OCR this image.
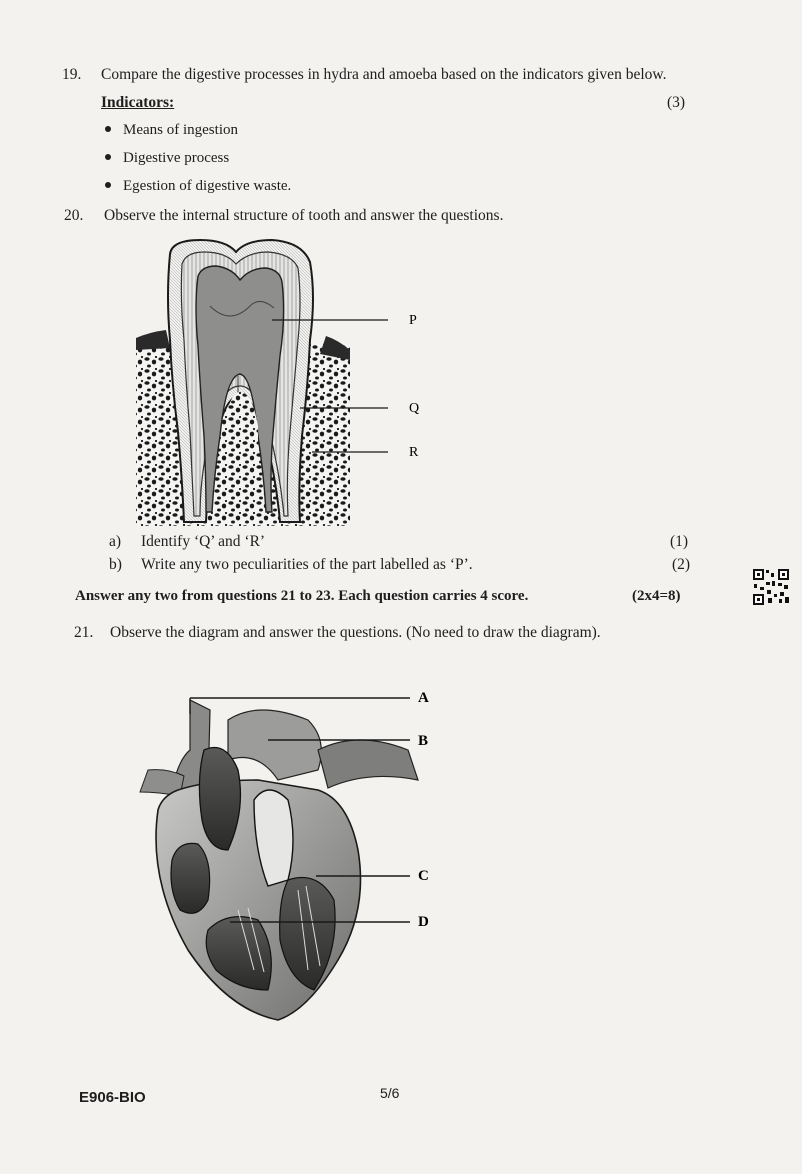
19. Compare the digestive processes in hydra and amoeba based on the indicators given below.
Indicators:	(3)
Means of ingestion
Digestive process
Egestion of digestive waste.
20. Observe the internal structure of tooth and answer the questions.
P
Q
R
a) Identify ‘Q’ and ‘R’	(1)
b) Write any two peculiarities of the part labelled as ‘P’.	(2)
Answer any two from questions 21 to 23. Each question carries 4 score.	(2x4=8)
21. Observe the diagram and answer the questions. (No need to draw the diagram).
A
B
C
D
E906-BIO	5/6
